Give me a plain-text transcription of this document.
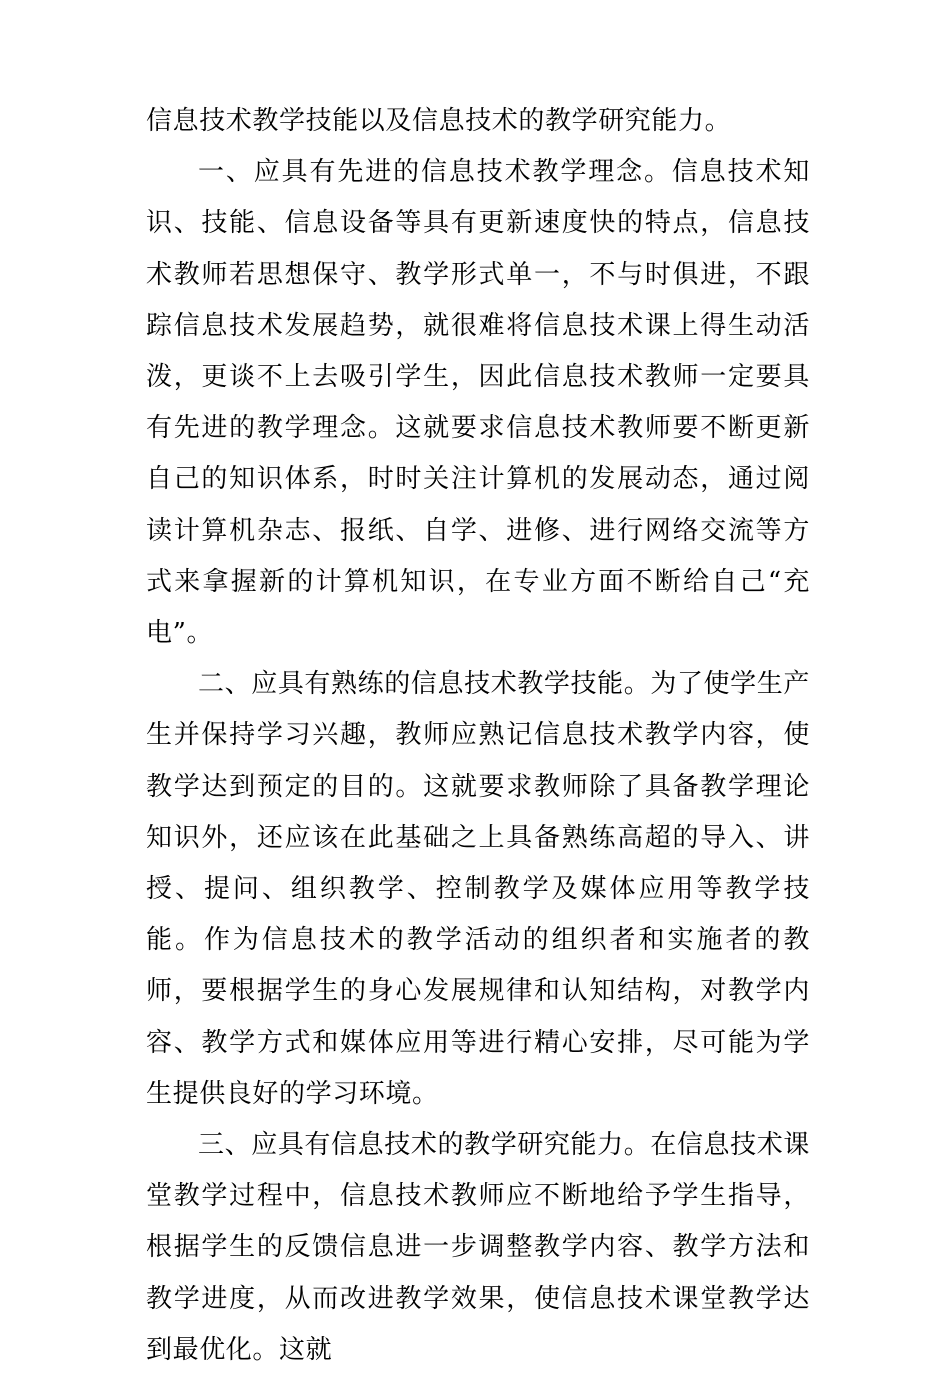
信息技术教学技能以及信息技术的教学研究能力。

一、应具有先进的信息技术教学理念。信息技术知识、技能、信息设备等具有更新速度快的特点，信息技术教师若思想保守、教学形式单一，不与时俱进，不跟踪信息技术发展趋势，就很难将信息技术课上得生动活泼，更谈不上去吸引学生，因此信息技术教师一定要具有先进的教学理念。这就要求信息技术教师要不断更新自己的知识体系，时时关注计算机的发展动态，通过阅读计算机杂志、报纸、自学、进修、进行网络交流等方式来拿握新的计算机知识，在专业方面不断给自己“充电”。

二、应具有熟练的信息技术教学技能。为了使学生产生并保持学习兴趣，教师应熟记信息技术教学内容，使教学达到预定的目的。这就要求教师除了具备教学理论知识外，还应该在此基础之上具备熟练高超的导入、讲授、提问、组织教学、控制教学及媒体应用等教学技能。作为信息技术的教学活动的组织者和实施者的教师，要根据学生的身心发展规律和认知结构，对教学内容、教学方式和媒体应用等进行精心安排，尽可能为学生提供良好的学习环境。

三、应具有信息技术的教学研究能力。在信息技术课堂教学过程中，信息技术教师应不断地给予学生指导，根据学生的反馈信息进一步调整教学内容、教学方法和教学进度，从而改进教学效果，使信息技术课堂教学达到最优化。这就
